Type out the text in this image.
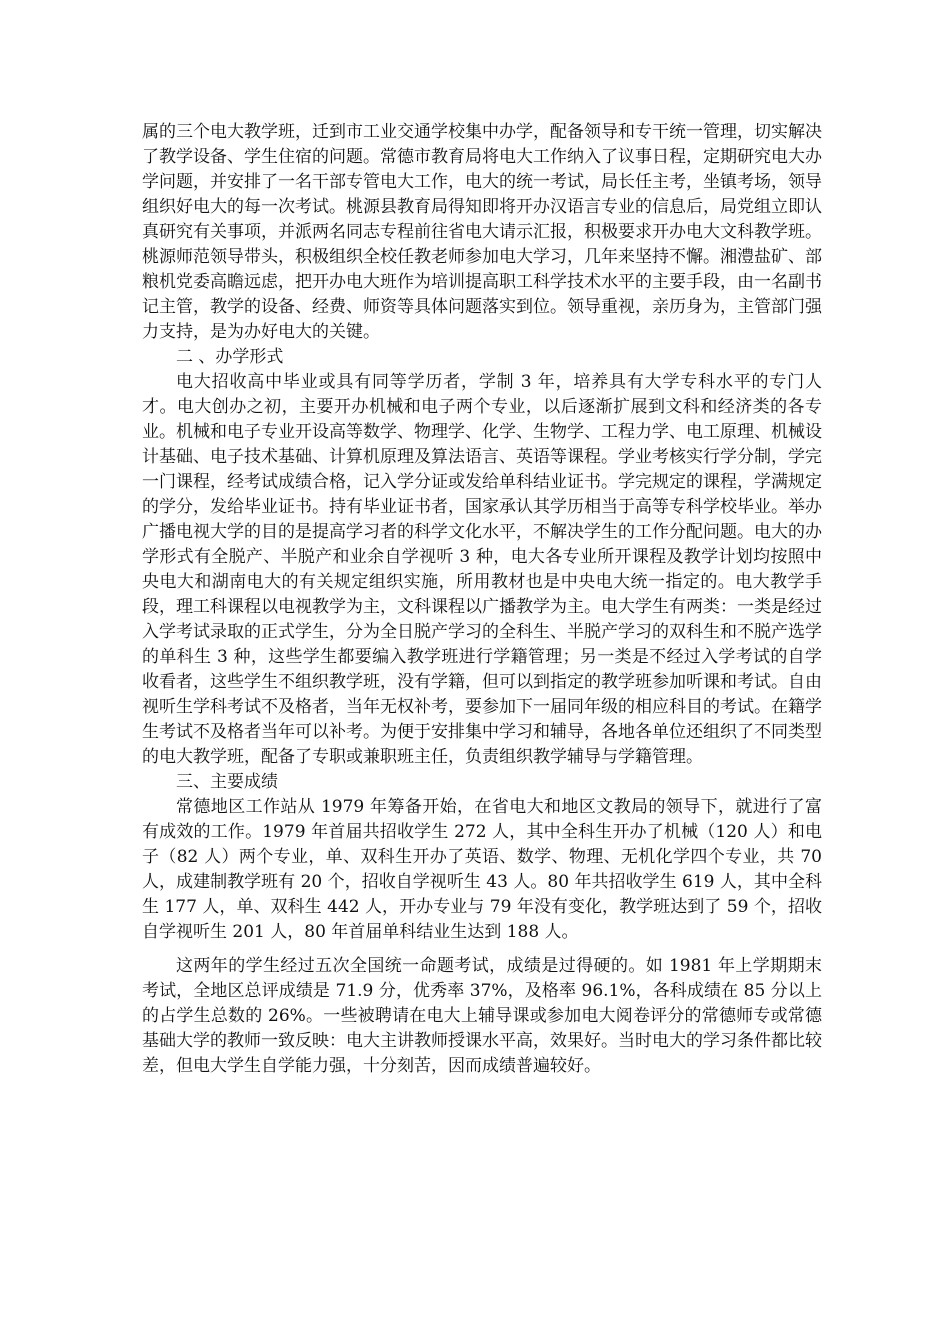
属的三个电大教学班，迁到市工业交通学校集中办学，配备领导和专干统一管理，切实解决了教学设备、学生住宿的问题。常德市教育局将电大工作纳入了议事日程，定期研究电大办学问题，并安排了一名干部专管电大工作，电大的统一考试，局长任主考，坐镇考场，领导组织好电大的每一次考试。桃源县教育局得知即将开办汉语言专业的信息后，局党组立即认真研究有关事项，并派两名同志专程前往省电大请示汇报，积极要求开办电大文科教学班。桃源师范领导带头，积极组织全校任教老师参加电大学习，几年来坚持不懈。湘澧盐矿、部粮机党委高瞻远虑，把开办电大班作为培训提高职工科学技术水平的主要手段，由一名副书记主管，教学的设备、经费、师资等具体问题落实到位。领导重视，亲历身为，主管部门强力支持，是为办好电大的关键。

二 、办学形式

电大招收高中毕业或具有同等学历者，学制 3 年，培养具有大学专科水平的专门人才。电大创办之初，主要开办机械和电子两个专业，以后逐渐扩展到文科和经济类的各专业。机械和电子专业开设高等数学、物理学、化学、生物学、工程力学、电工原理、机械设计基础、电子技术基础、计算机原理及算法语言、英语等课程。学业考核实行学分制，学完一门课程，经考试成绩合格，记入学分证或发给单科结业证书。学完规定的课程，学满规定的学分，发给毕业证书。持有毕业证书者，国家承认其学历相当于高等专科学校毕业。举办广播电视大学的目的是提高学习者的科学文化水平，不解决学生的工作分配问题。电大的办学形式有全脱产、半脱产和业余自学视听 3 种，电大各专业所开课程及教学计划均按照中央电大和湖南电大的有关规定组织实施，所用教材也是中央电大统一指定的。电大教学手段，理工科课程以电视教学为主，文科课程以广播教学为主。电大学生有两类：一类是经过入学考试录取的正式学生，分为全日脱产学习的全科生、半脱产学习的双科生和不脱产选学的单科生 3 种，这些学生都要编入教学班进行学籍管理；另一类是不经过入学考试的自学收看者，这些学生不组织教学班，没有学籍，但可以到指定的教学班参加听课和考试。自由视听生学科考试不及格者，当年无权补考，要参加下一届同年级的相应科目的考试。在籍学生考试不及格者当年可以补考。为便于安排集中学习和辅导，各地各单位还组织了不同类型的电大教学班，配备了专职或兼职班主任，负责组织教学辅导与学籍管理。

三、主要成绩

常德地区工作站从 1979 年筹备开始，在省电大和地区文教局的领导下，就进行了富有成效的工作。1979 年首届共招收学生 272 人，其中全科生开办了机械（120 人）和电子（82 人）两个专业，单、双科生开办了英语、数学、物理、无机化学四个专业，共 70 人，成建制教学班有 20 个，招收自学视听生 43 人。80 年共招收学生 619 人，其中全科生 177 人，单、双科生 442 人，开办专业与 79 年没有变化，教学班达到了 59 个，招收自学视听生 201 人，80 年首届单科结业生达到 188 人。

这两年的学生经过五次全国统一命题考试，成绩是过得硬的。如 1981 年上学期期末考试，全地区总评成绩是 71.9 分，优秀率 37%，及格率 96.1%，各科成绩在 85 分以上的占学生总数的 26%。一些被聘请在电大上辅导课或参加电大阅卷评分的常德师专或常德基础大学的教师一致反映：电大主讲教师授课水平高，效果好。当时电大的学习条件都比较差，但电大学生自学能力强，十分刻苦，因而成绩普遍较好。
